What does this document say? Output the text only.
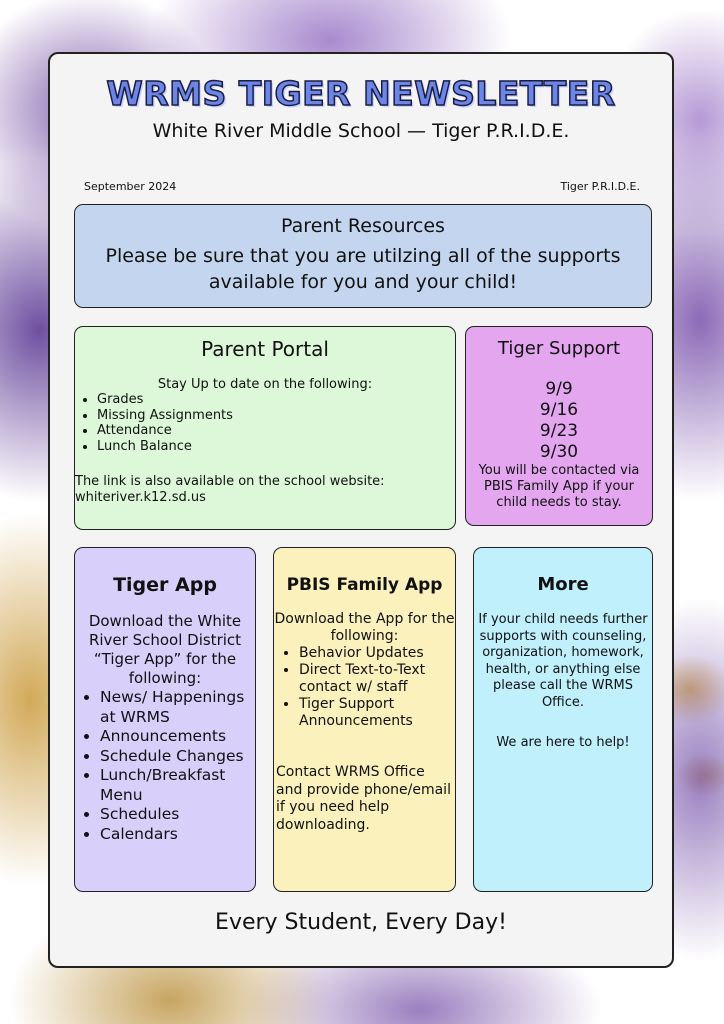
WRMS TIGER NEWSLETTER
White River Middle School — Tiger P.R.I.D.E.
September 2024	Tiger P.R.I.D.E.
Parent Resources
Please be sure that you are utilzing all of the supports available for you and your child!
Parent Portal
Stay Up to date on the following:
• Grades
• Missing Assignments
• Attendance
• Lunch Balance
The link is also available on the school website: whiteriver.k12.sd.us
Tiger Support
9/9
9/16
9/23
9/30
You will be contacted via PBIS Family App if your child needs to stay.
Tiger App
Download the White River School District “Tiger App” for the following:
• News/ Happenings at WRMS
• Announcements
• Schedule Changes
• Lunch/Breakfast Menu
• Schedules
• Calendars
PBIS Family App
Download the App for the following:
• Behavior Updates
• Direct Text-to-Text contact w/ staff
• Tiger Support Announcements
Contact WRMS Office and provide phone/email if you need help downloading.
More
If your child needs further supports with counseling, organization, homework, health, or anything else please call the WRMS Office.
We are here to help!
Every Student, Every Day!
